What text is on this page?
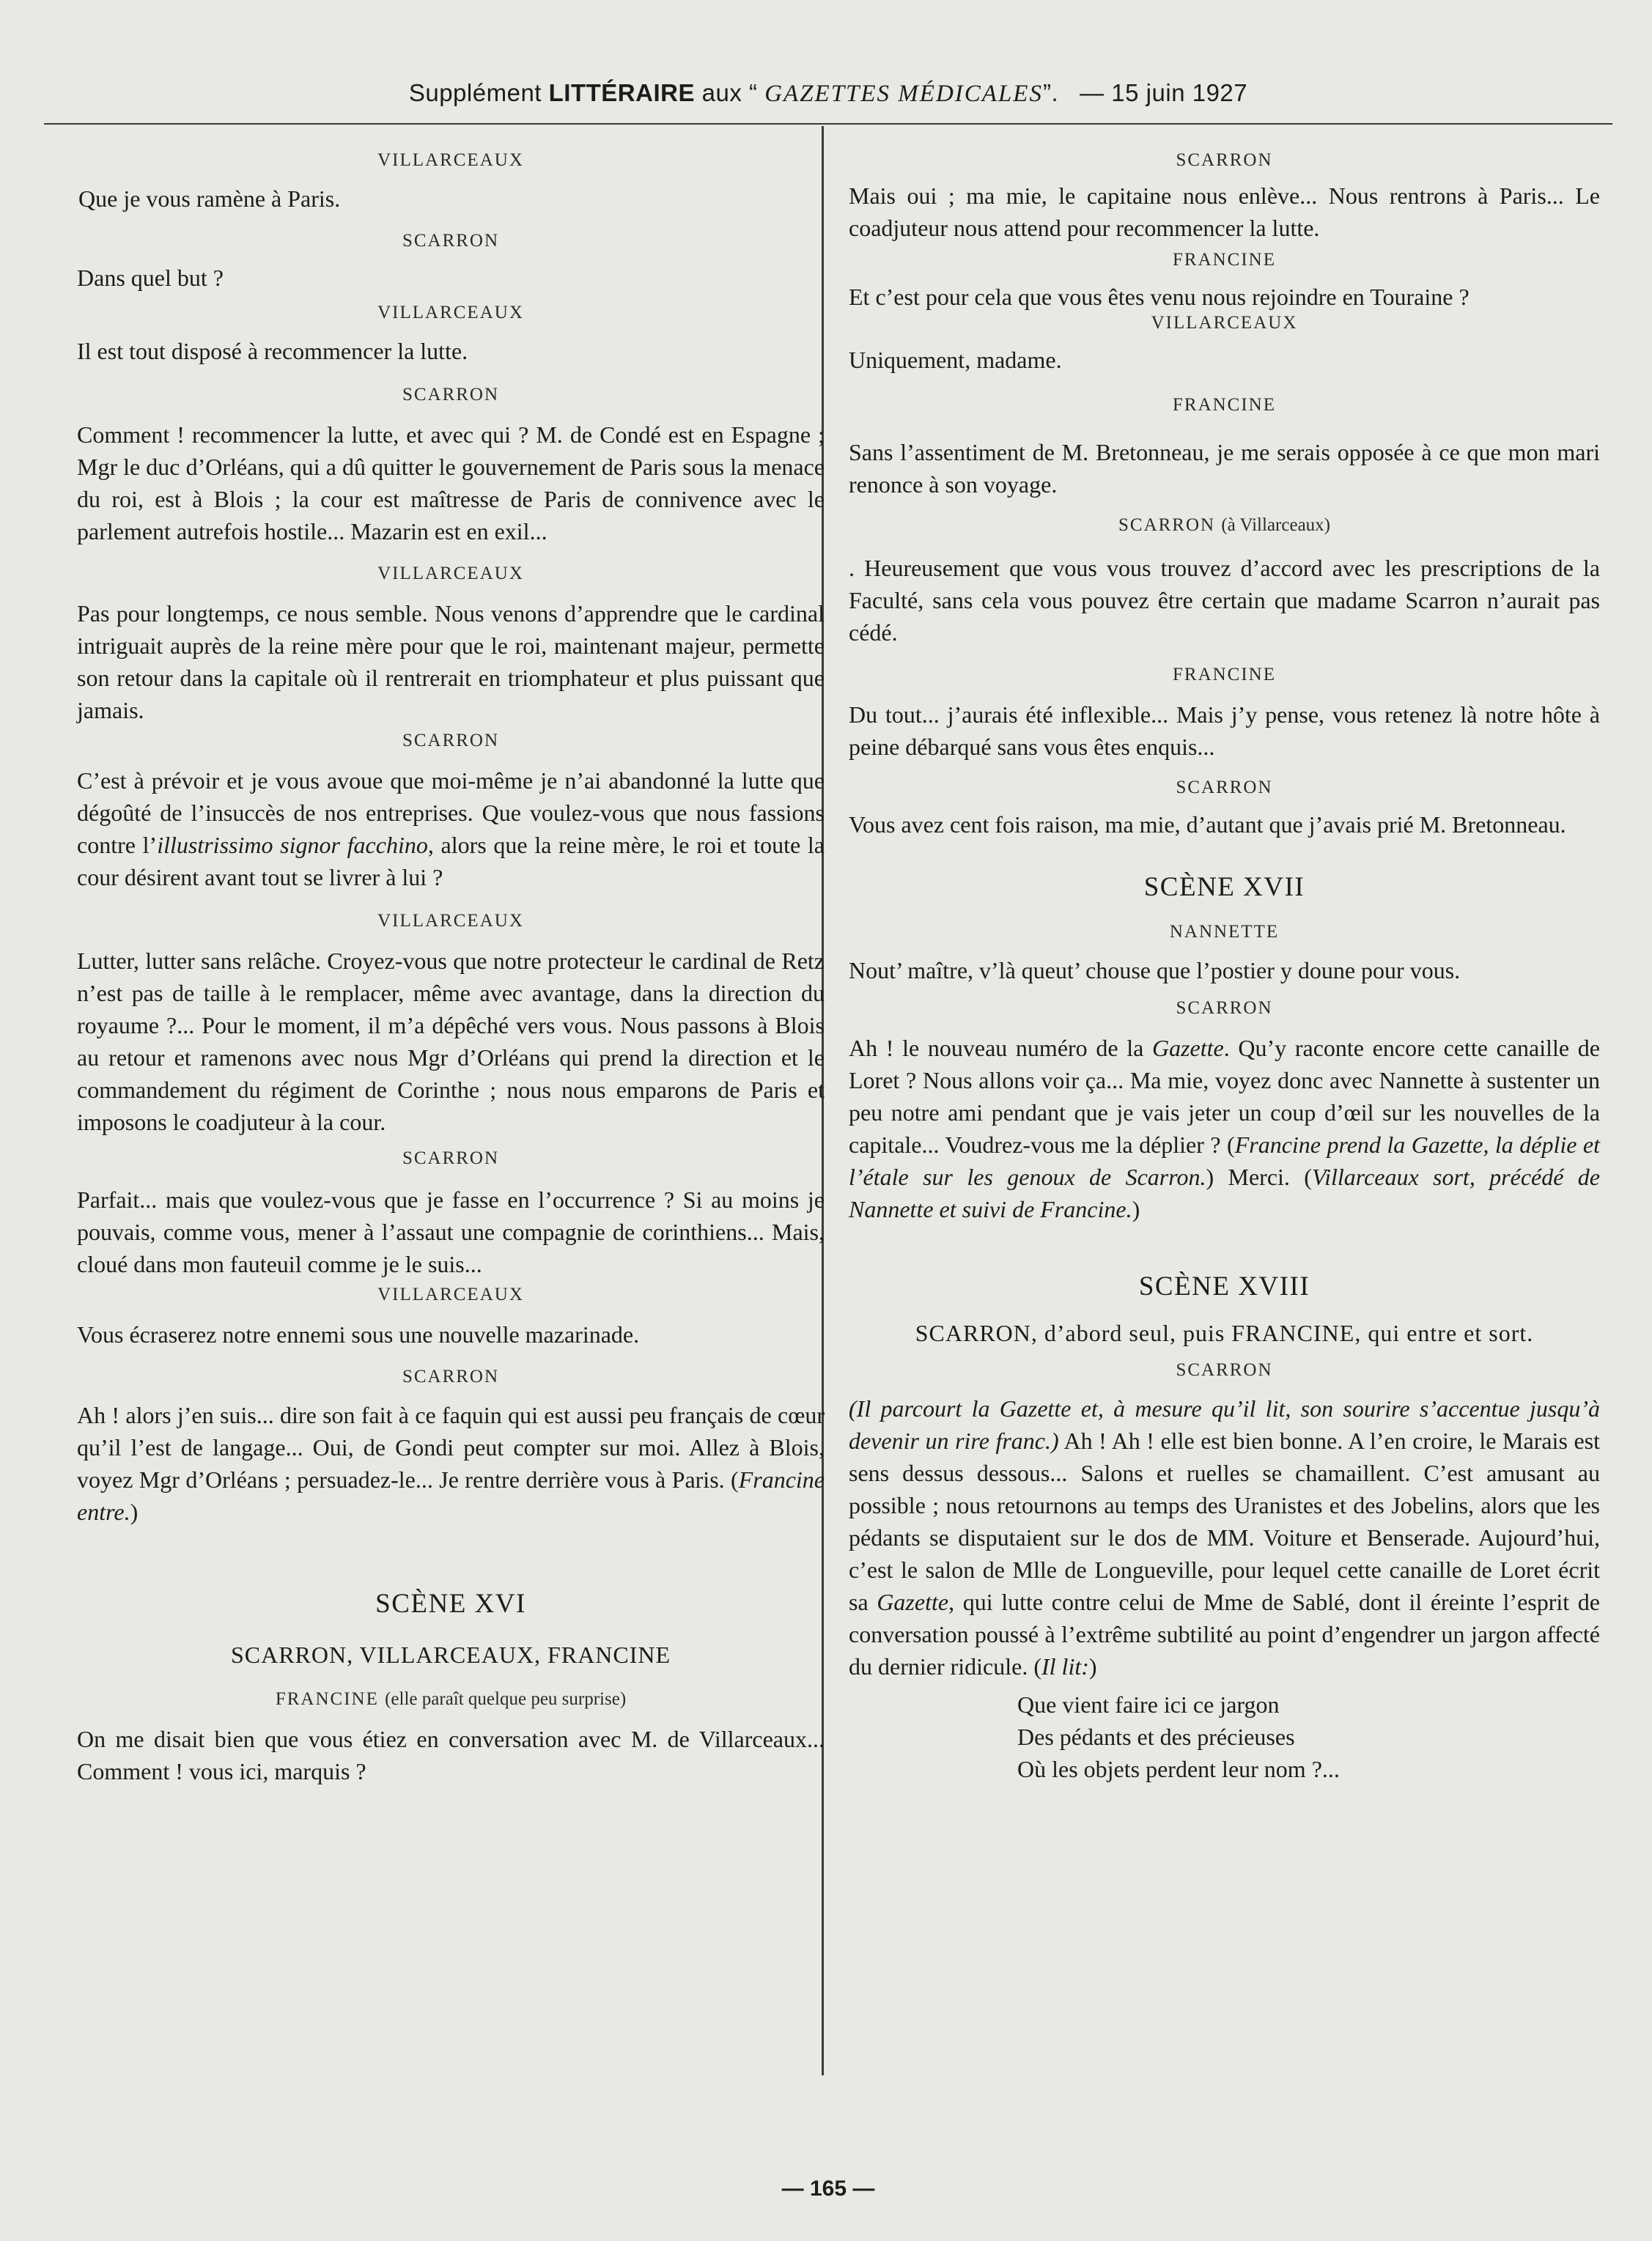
Supplément LITTÉRAIRE aux “ GAZETTES MÉDICALES”. — 15 juin 1927

VILLARCEAUX

Que je vous ramène à Paris.

SCARRON

Dans quel but ?

VILLARCEAUX

Il est tout disposé à recommencer la lutte.

SCARRON

Comment ! recommencer la lutte, et avec qui ? M. de Condé est en Espagne ; Mgr le duc d’Orléans, qui a dû quitter le gouvernement de Paris sous la menace du roi, est à Blois ; la cour est maîtresse de Paris de connivence avec le parlement autrefois hostile... Mazarin est en exil...

VILLARCEAUX

Pas pour longtemps, ce nous semble. Nous venons d’apprendre que le cardinal intriguait auprès de la reine mère pour que le roi, maintenant majeur, permette son retour dans la capitale où il rentrerait en triomphateur et plus puissant que jamais.

SCARRON

C’est à prévoir et je vous avoue que moi-même je n’ai abandonné la lutte que dégoûté de l’insuccès de nos entreprises. Que voulez-vous que nous fassions contre l’illustrissimo signor facchino, alors que la reine mère, le roi et toute la cour désirent avant tout se livrer à lui ?

VILLARCEAUX

Lutter, lutter sans relâche. Croyez-vous que notre protecteur le cardinal de Retz n’est pas de taille à le remplacer, même avec avantage, dans la direction du royaume ?... Pour le moment, il m’a dépêché vers vous. Nous passons à Blois au retour et ramenons avec nous Mgr d’Orléans qui prend la direction et le commandement du régiment de Corinthe ; nous nous emparons de Paris et imposons le coadjuteur à la cour.

SCARRON

Parfait... mais que voulez-vous que je fasse en l’occurrence ? Si au moins je pouvais, comme vous, mener à l’assaut une compagnie de corinthiens... Mais, cloué dans mon fauteuil comme je le suis...

VILLARCEAUX

Vous écraserez notre ennemi sous une nouvelle mazarinade.

SCARRON

Ah ! alors j’en suis... dire son fait à ce faquin qui est aussi peu français de cœur qu’il l’est de langage... Oui, de Gondi peut compter sur moi. Allez à Blois, voyez Mgr d’Orléans ; persuadez-le... Je rentre derrière vous à Paris. (Francine entre.)

SCÈNE XVI

SCARRON, VILLARCEAUX, FRANCINE

FRANCINE (elle paraît quelque peu surprise)

On me disait bien que vous étiez en conversation avec M. de Villarceaux... Comment ! vous ici, marquis ?

SCARRON

Mais oui ; ma mie, le capitaine nous enlève... Nous rentrons à Paris... Le coadjuteur nous attend pour recommencer la lutte.

FRANCINE

Et c’est pour cela que vous êtes venu nous rejoindre en Touraine ?

VILLARCEAUX

Uniquement, madame.

FRANCINE

Sans l’assentiment de M. Bretonneau, je me serais opposée à ce que mon mari renonce à son voyage.

SCARRON (à Villarceaux)

. Heureusement que vous vous trouvez d’accord avec les prescriptions de la Faculté, sans cela vous pouvez être certain que madame Scarron n’aurait pas cédé.

FRANCINE

Du tout... j’aurais été inflexible... Mais j’y pense, vous retenez là notre hôte à peine débarqué sans vous êtes enquis...

SCARRON

Vous avez cent fois raison, ma mie, d’autant que j’avais prié M. Bretonneau.

SCÈNE XVII

NANNETTE

Nout’ maître, v’là queut’ chouse que l’postier y doune pour vous.

SCARRON

Ah ! le nouveau numéro de la Gazette. Qu’y raconte encore cette canaille de Loret ? Nous allons voir ça... Ma mie, voyez donc avec Nannette à sustenter un peu notre ami pendant que je vais jeter un coup d’œil sur les nouvelles de la capitale... Voudrez-vous me la déplier ? (Francine prend la Gazette, la déplie et l’étale sur les genoux de Scarron.) Merci. (Villarceaux sort, précédé de Nannette et suivi de Francine.)

SCÈNE XVIII

SCARRON, d’abord seul, puis FRANCINE, qui entre et sort.

SCARRON

(Il parcourt la Gazette et, à mesure qu’il lit, son sourire s’accentue jusqu’à devenir un rire franc.) Ah ! Ah ! elle est bien bonne. A l’en croire, le Marais est sens dessus dessous... Salons et ruelles se chamaillent. C’est amusant au possible ; nous retournons au temps des Uranistes et des Jobelins, alors que les pédants se disputaient sur le dos de MM. Voiture et Benserade. Aujourd’hui, c’est le salon de Mlle de Longueville, pour lequel cette canaille de Loret écrit sa Gazette, qui lutte contre celui de Mme de Sablé, dont il éreinte l’esprit de conversation poussé à l’extrême subtilité au point d’engendrer un jargon affecté du dernier ridicule. (Il lit:)

Que vient faire ici ce jargon

Des pédants et des précieuses

Où les objets perdent leur nom ?...

— 165 —
